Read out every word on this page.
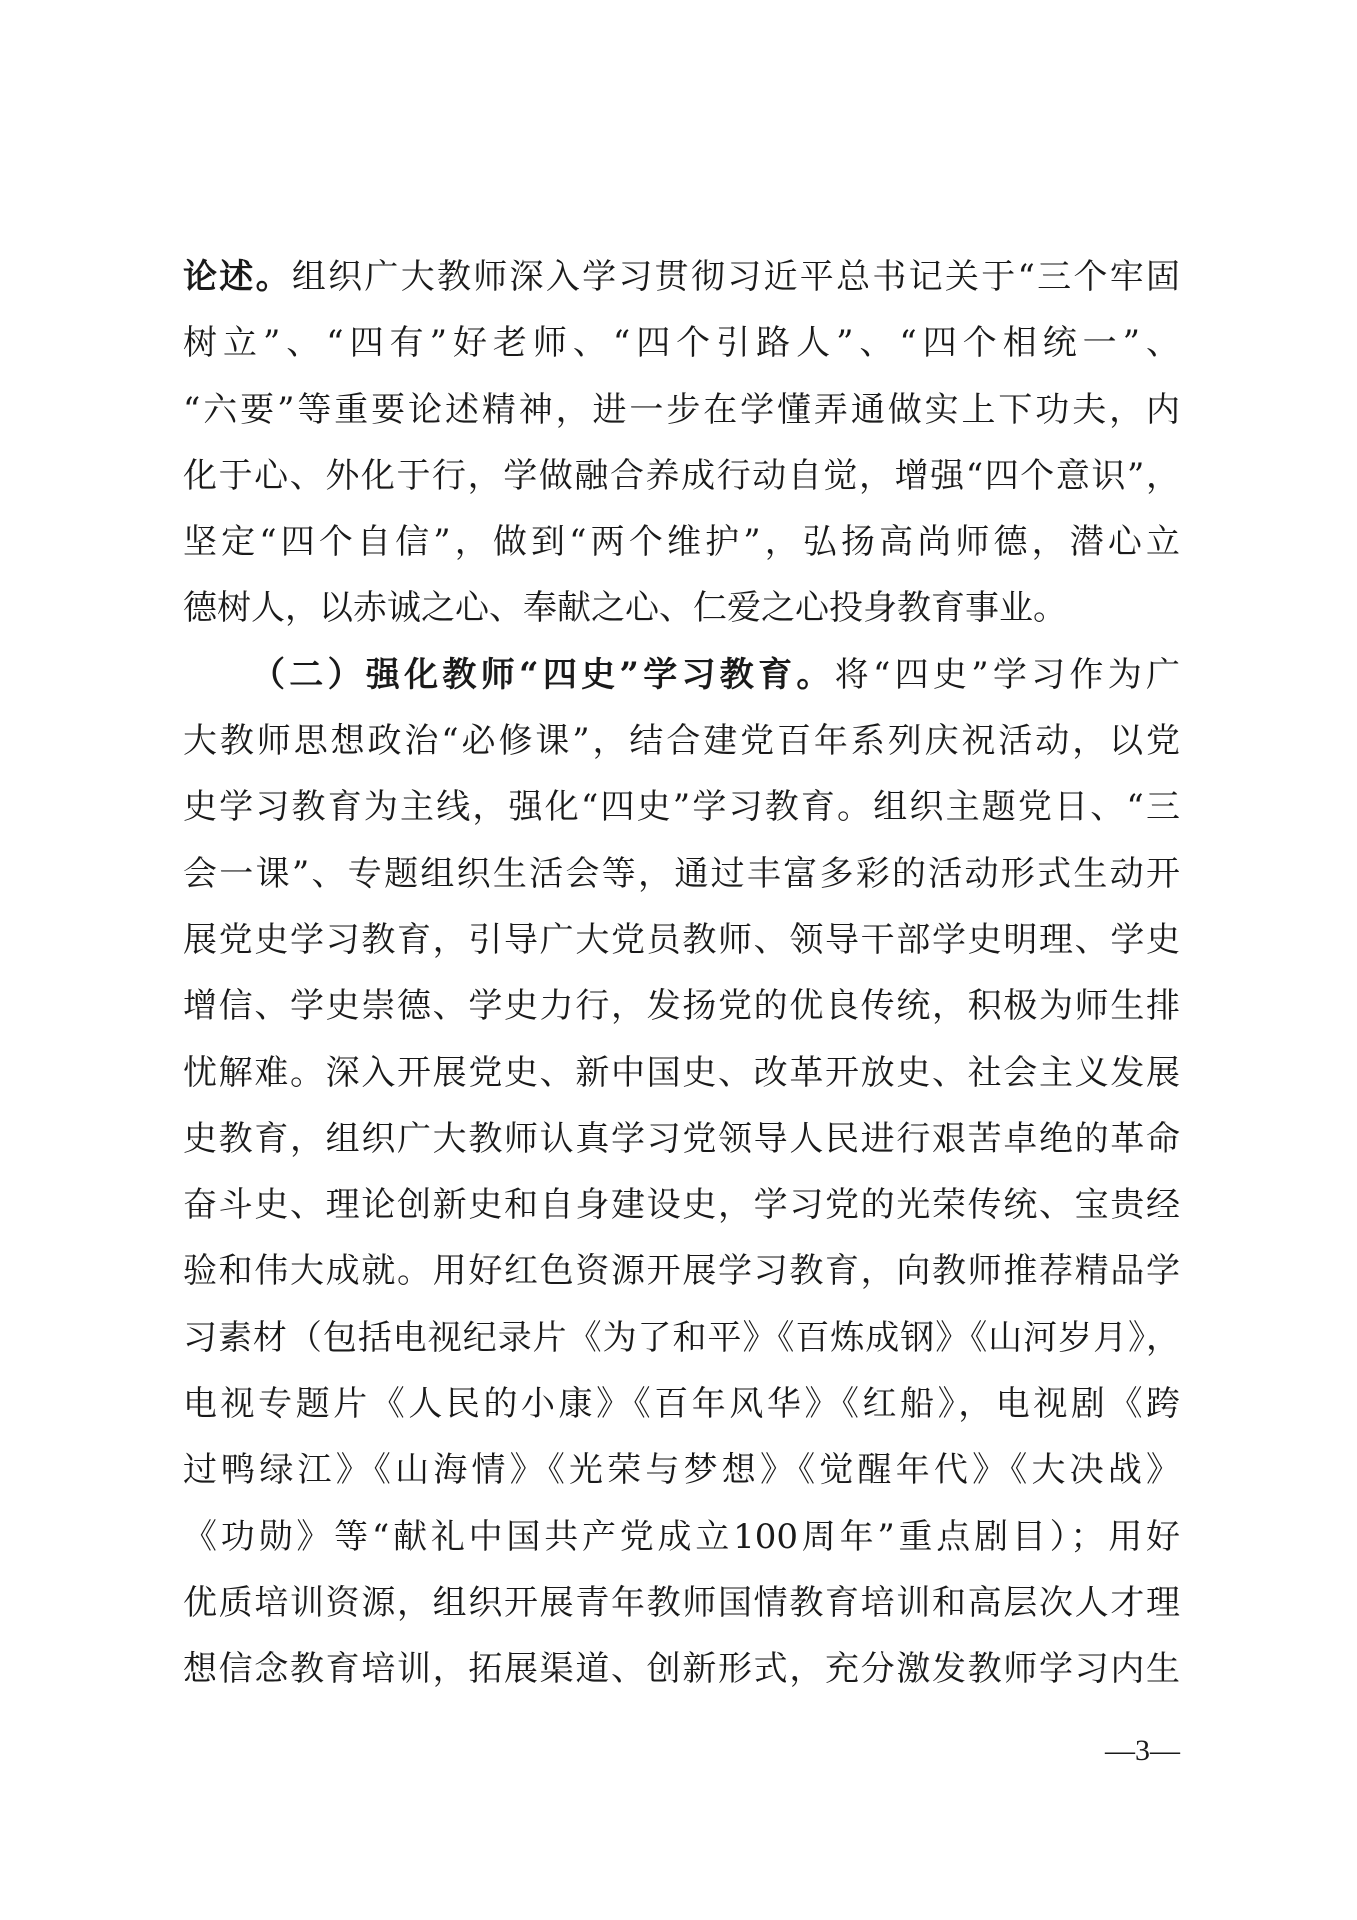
论述。组织广大教师深入学习贯彻习近平总书记关于“三个牢固
树立”、“四有”好老师、“四个引路人”、“四个相统一”、
“六要”等重要论述精神，进一步在学懂弄通做实上下功夫，内
化于心、外化于行，学做融合养成行动自觉，增强“四个意识”，
坚定“四个自信”，做到“两个维护”，弘扬高尚师德，潜心立
德树人，以赤诚之心、奉献之心、仁爱之心投身教育事业。
（二）强化教师“四史”学习教育。将“四史”学习作为广
大教师思想政治“必修课”，结合建党百年系列庆祝活动，以党
史学习教育为主线，强化“四史”学习教育。组织主题党日、“三
会一课”、专题组织生活会等，通过丰富多彩的活动形式生动开
展党史学习教育，引导广大党员教师、领导干部学史明理、学史
增信、学史崇德、学史力行，发扬党的优良传统，积极为师生排
忧解难。深入开展党史、新中国史、改革开放史、社会主义发展
史教育，组织广大教师认真学习党领导人民进行艰苦卓绝的革命
奋斗史、理论创新史和自身建设史，学习党的光荣传统、宝贵经
验和伟大成就。用好红色资源开展学习教育，向教师推荐精品学
习素材（包括电视纪录片《为了和平》《百炼成钢》《山河岁月》，
电视专题片《人民的小康》《百年风华》《红船》，电视剧《跨
过鸭绿江》《山海情》《光荣与梦想》《觉醒年代》《大决战》
《功勋》等“献礼中国共产党成立100周年”重点剧目）；用好
优质培训资源，组织开展青年教师国情教育培训和高层次人才理
想信念教育培训，拓展渠道、创新形式，充分激发教师学习内生
—3—
